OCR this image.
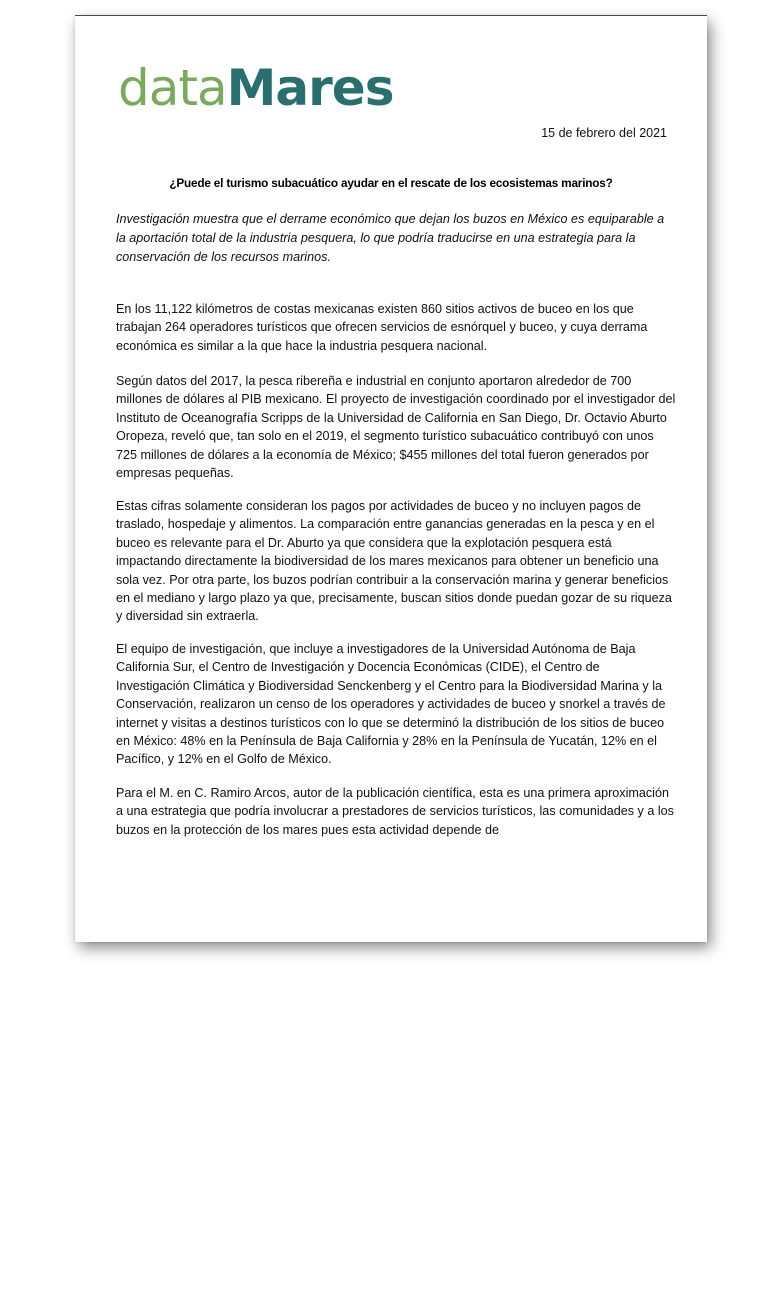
dataMares
15 de febrero del 2021
¿Puede el turismo subacuático ayudar en el rescate de los ecosistemas marinos?
Investigación muestra que el derrame económico que dejan los buzos en México es equiparable a la aportación total de la industria pesquera, lo que podría traducirse en una estrategia para la conservación de los recursos marinos.
En los 11,122 kilómetros de costas mexicanas existen 860 sitios activos de buceo en los que trabajan 264 operadores turísticos que ofrecen servicios de esnórquel y buceo, y cuya derrama económica es similar a la que hace la industria pesquera nacional.
Según datos del 2017, la pesca ribereña e industrial en conjunto aportaron alrededor de 700 millones de dólares al PIB mexicano. El proyecto de investigación coordinado por el investigador del Instituto de Oceanografía Scripps de la Universidad de California en San Diego, Dr. Octavio Aburto Oropeza, reveló que, tan solo en el 2019, el segmento turístico subacuático contribuyó con unos 725 millones de dólares a la economía de México; $455 millones del total fueron generados por empresas pequeñas.
Estas cifras solamente consideran los pagos por actividades de buceo y no incluyen pagos de traslado, hospedaje y alimentos. La comparación entre ganancias generadas en la pesca y en el buceo es relevante para el Dr. Aburto ya que considera que la explotación pesquera está impactando directamente la biodiversidad de los mares mexicanos para obtener un beneficio una sola vez. Por otra parte, los buzos podrían contribuir a la conservación marina y generar beneficios en el mediano y largo plazo ya que, precisamente, buscan sitios donde puedan gozar de su riqueza y diversidad sin extraerla.
El equipo de investigación, que incluye a investigadores de la Universidad Autónoma de Baja California Sur, el Centro de Investigación y Docencia Económicas (CIDE), el Centro de Investigación Climática y Biodiversidad Senckenberg y el Centro para la Biodiversidad Marina y la Conservación, realizaron un censo de los operadores y actividades de buceo y snorkel a través de internet y visitas a destinos turísticos con lo que se determinó la distribución de los sitios de buceo en México: 48% en la Península de Baja California y 28% en la Península de Yucatán, 12% en el Pacífico, y 12% en el Golfo de México.
Para el M. en C. Ramiro Arcos, autor de la publicación científica, esta es una primera aproximación a una estrategia que podría involucrar a prestadores de servicios turísticos, las comunidades y a los buzos en la protección de los mares pues esta actividad depende de
